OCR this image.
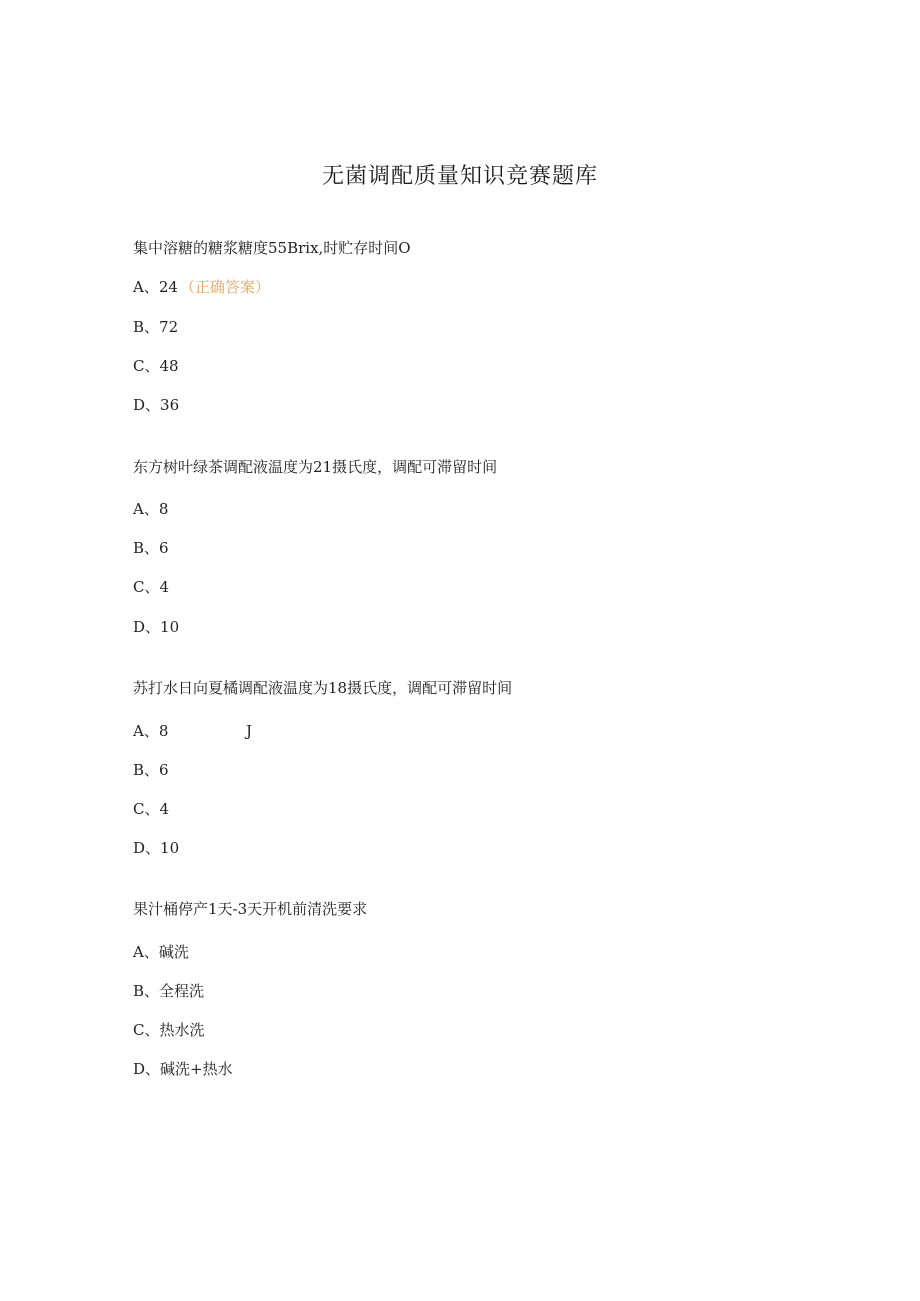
无菌调配质量知识竞赛题库
集中溶糖的糖浆糖度55Brix,时贮存时间O
A、24 （正确答案）
B、72
C、48
D、36
东方树叶绿茶调配液温度为21摄氏度，调配可滞留时间
A、8
B、6
C、4
D、10
苏打水日向夏橘调配液温度为18摄氏度，调配可滞留时间
A、8	J
B、6
C、4
D、10
果汁桶停产1天-3天开机前清洗要求
A、碱洗
B、全程洗
C、热水洗
D、碱洗+热水
